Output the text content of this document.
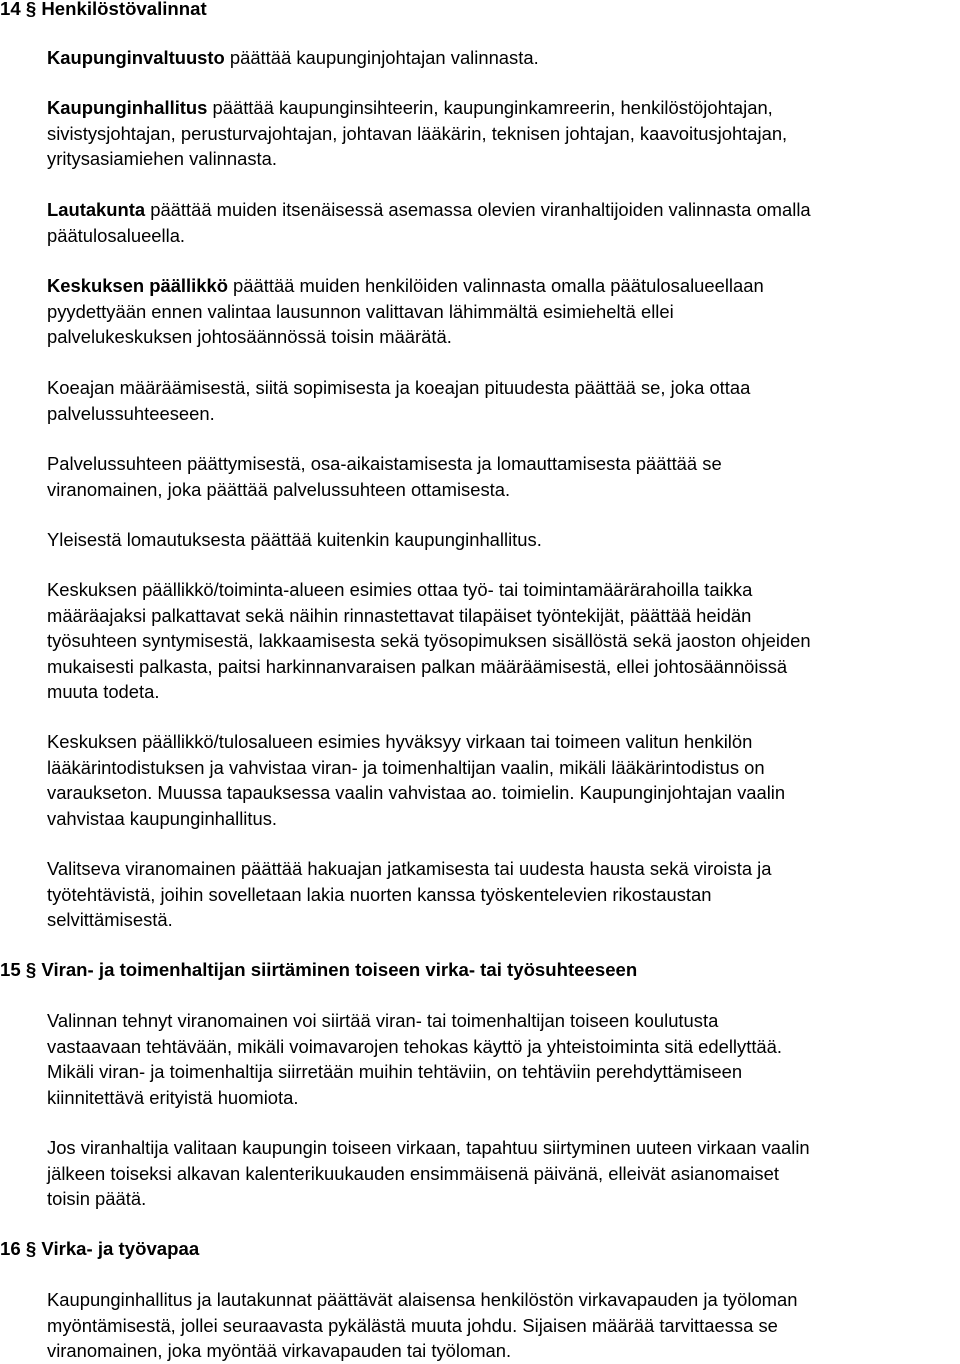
14 § Henkilöstövalinnat

Kaupunginvaltuusto päättää kaupunginjohtajan valinnasta.

Kaupunginhallitus päättää kaupunginsihteerin, kaupunginkamreerin, henkilöstöjohtajan,
sivistysjohtajan, perusturvajohtajan, johtavan lääkärin, teknisen johtajan, kaavoitusjohtajan,
yritysasiamiehen valinnasta.

Lautakunta päättää muiden itsenäisessä asemassa olevien viranhaltijoiden valinnasta omalla
päätulosalueella.

Keskuksen päällikkö päättää muiden henkilöiden valinnasta omalla päätulosalueellaan
pyydettyään ennen valintaa lausunnon valittavan lähimmältä esimieheltä ellei
palvelukeskuksen johtosäännössä toisin määrätä.

Koeajan määräämisestä, siitä sopimisesta ja koeajan pituudesta päättää se, joka ottaa
palvelussuhteeseen.

Palvelussuhteen päättymisestä, osa-aikaistamisesta ja lomauttamisesta päättää se
viranomainen, joka päättää palvelussuhteen ottamisesta.

Yleisestä lomautuksesta päättää kuitenkin kaupunginhallitus.

Keskuksen päällikkö/toiminta-alueen esimies ottaa työ- tai toimintamäärärahoilla taikka
määräajaksi palkattavat sekä näihin rinnastettavat tilapäiset työntekijät, päättää heidän
työsuhteen syntymisestä, lakkaamisesta sekä työsopimuksen sisällöstä sekä jaoston ohjeiden
mukaisesti palkasta, paitsi harkinnanvaraisen palkan määräämisestä, ellei johtosäännöissä
muuta todeta.

Keskuksen päällikkö/tulosalueen esimies hyväksyy virkaan tai toimeen valitun henkilön
lääkärintodistuksen ja vahvistaa viran- ja toimenhaltijan vaalin, mikäli lääkärintodistus on
varaukseton. Muussa tapauksessa vaalin vahvistaa ao. toimielin. Kaupunginjohtajan vaalin
vahvistaa kaupunginhallitus.

Valitseva viranomainen päättää hakuajan jatkamisesta tai uudesta hausta sekä viroista ja
työtehtävistä, joihin sovelletaan lakia nuorten kanssa työskentelevien rikostaustan
selvittämisestä.

15 § Viran- ja toimenhaltijan siirtäminen toiseen virka- tai työsuhteeseen

Valinnan tehnyt viranomainen voi siirtää viran- tai toimenhaltijan toiseen koulutusta
vastaavaan tehtävään, mikäli voimavarojen tehokas käyttö ja yhteistoiminta sitä edellyttää.
Mikäli viran- ja toimenhaltija siirretään muihin tehtäviin, on tehtäviin perehdyttämiseen
kiinnitettävä erityistä huomiota.

Jos viranhaltija valitaan kaupungin toiseen virkaan, tapahtuu siirtyminen uuteen virkaan vaalin
jälkeen toiseksi alkavan kalenterikuukauden ensimmäisenä päivänä, elleivät asianomaiset
toisin päätä.

16 § Virka- ja työvapaa

Kaupunginhallitus ja lautakunnat päättävät alaisensa henkilöstön virkavapauden ja työloman
myöntämisestä, jollei seuraavasta pykälästä muuta johdu. Sijaisen määrää tarvittaessa se
viranomainen, joka myöntää virkavapauden tai työloman.
